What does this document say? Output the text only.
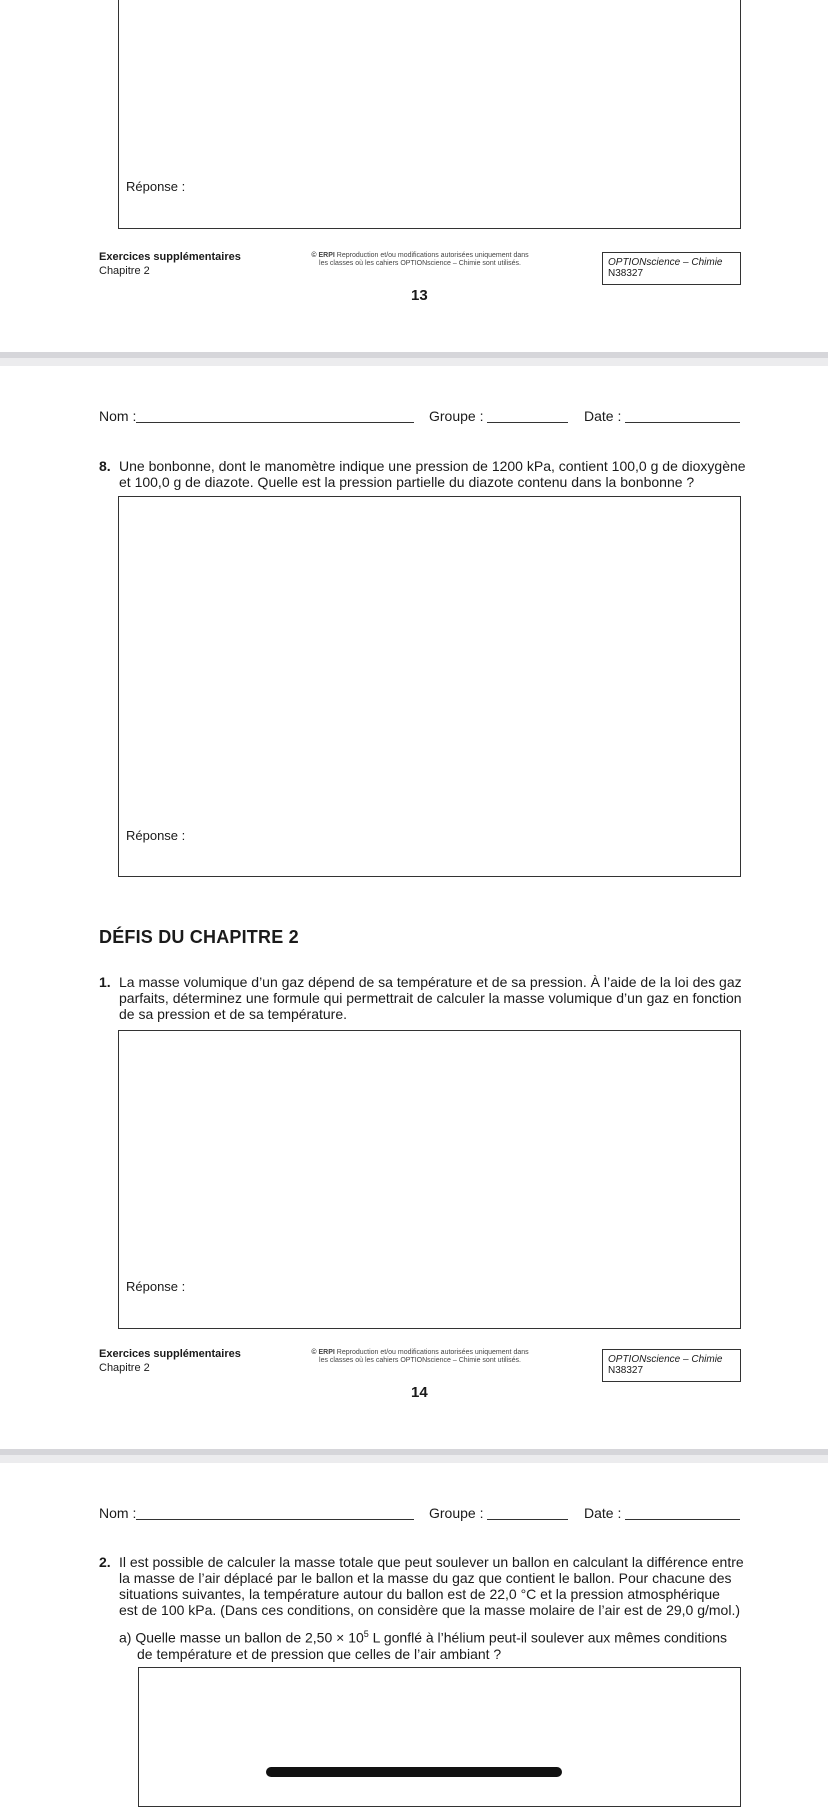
Réponse :
Exercices supplémentaires
Chapitre 2
© ERPI Reproduction et/ou modifications autorisées uniquement dans
les classes où les cahiers OPTIONscience – Chimie sont utilisés.	OPTIONscience – Chimie
N38327
13
Nom :	Groupe :	Date :
8. Une bonbonne, dont le manomètre indique une pression de 1200 kPa, contient 100,0 g de dioxygène
et 100,0 g de diazote. Quelle est la pression partielle du diazote contenu dans la bonbonne ?
Réponse :
DÉFIS DU CHAPITRE 2
1. La masse volumique d’un gaz dépend de sa température et de sa pression. À l’aide de la loi des gaz
parfaits, déterminez une formule qui permettrait de calculer la masse volumique d’un gaz en fonction
de sa pression et de sa température.
Réponse :
Exercices supplémentaires
Chapitre 2
© ERPI Reproduction et/ou modifications autorisées uniquement dans
les classes où les cahiers OPTIONscience – Chimie sont utilisés.	OPTIONscience – Chimie
N38327
14
Nom :	Groupe :	Date :
2. Il est possible de calculer la masse totale que peut soulever un ballon en calculant la différence entre
la masse de l’air déplacé par le ballon et la masse du gaz que contient le ballon. Pour chacune des
situations suivantes, la température autour du ballon est de 22,0 °C et la pression atmosphérique
est de 100 kPa. (Dans ces conditions, on considère que la masse molaire de l’air est de 29,0 g/mol.)
a) Quelle masse un ballon de $2,50 \times 10^5$ L gonflé à l’hélium peut-il soulever aux mêmes conditions
de température et de pression que celles de l’air ambiant ?
